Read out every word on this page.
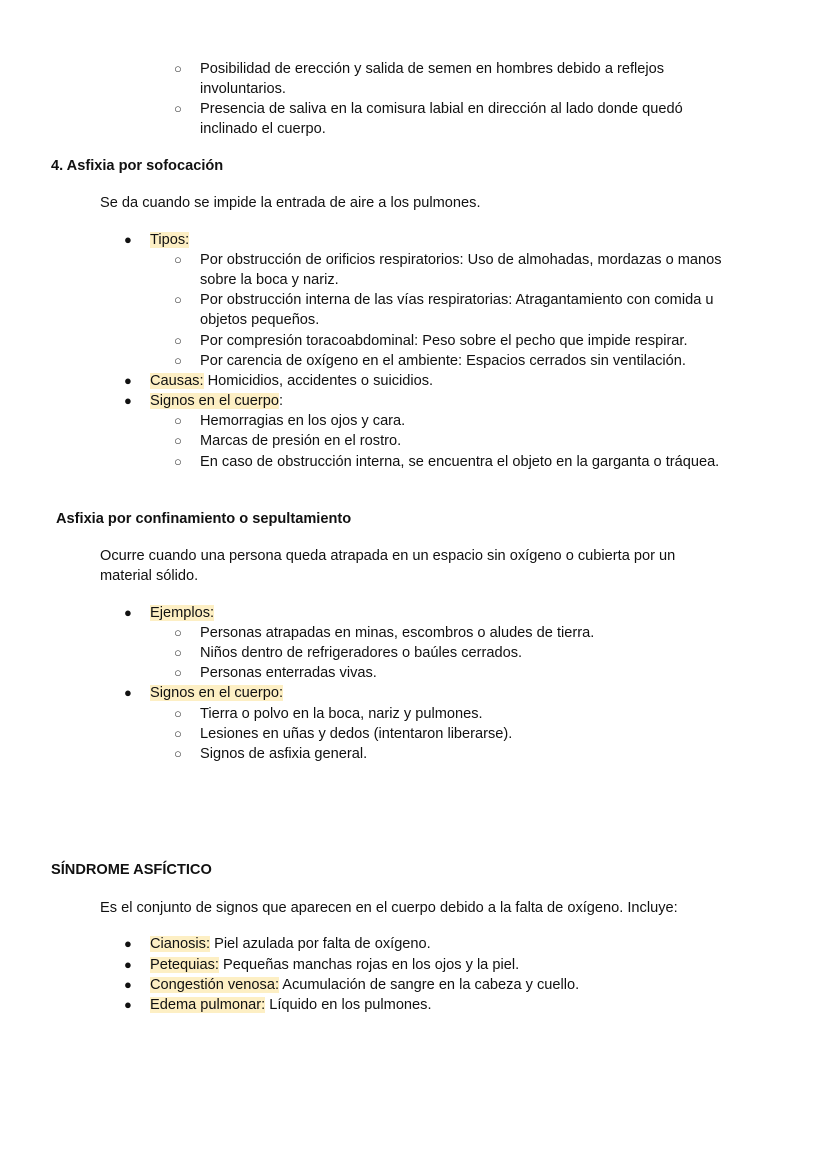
○ Posibilidad de erección y salida de semen en hombres debido a reflejos involuntarios.
○ Presencia de saliva en la comisura labial en dirección al lado donde quedó inclinado el cuerpo.
4. Asfixia por sofocación
Se da cuando se impide la entrada de aire a los pulmones.
● Tipos:
○ Por obstrucción de orificios respiratorios: Uso de almohadas, mordazas o manos sobre la boca y nariz.
○ Por obstrucción interna de las vías respiratorias: Atragantamiento con comida u objetos pequeños.
○ Por compresión toracoabdominal: Peso sobre el pecho que impide respirar.
○ Por carencia de oxígeno en el ambiente: Espacios cerrados sin ventilación.
● Causas: Homicidios, accidentes o suicidios.
● Signos en el cuerpo:
○ Hemorragias en los ojos y cara.
○ Marcas de presión en el rostro.
○ En caso de obstrucción interna, se encuentra el objeto en la garganta o tráquea.
Asfixia por confinamiento o sepultamiento
Ocurre cuando una persona queda atrapada en un espacio sin oxígeno o cubierta por un material sólido.
● Ejemplos:
○ Personas atrapadas en minas, escombros o aludes de tierra.
○ Niños dentro de refrigeradores o baúles cerrados.
○ Personas enterradas vivas.
● Signos en el cuerpo:
○ Tierra o polvo en la boca, nariz y pulmones.
○ Lesiones en uñas y dedos (intentaron liberarse).
○ Signos de asfixia general.
SÍNDROME ASFÍCTICO
Es el conjunto de signos que aparecen en el cuerpo debido a la falta de oxígeno. Incluye:
● Cianosis: Piel azulada por falta de oxígeno.
● Petequias: Pequeñas manchas rojas en los ojos y la piel.
● Congestión venosa: Acumulación de sangre en la cabeza y cuello.
● Edema pulmonar: Líquido en los pulmones.
